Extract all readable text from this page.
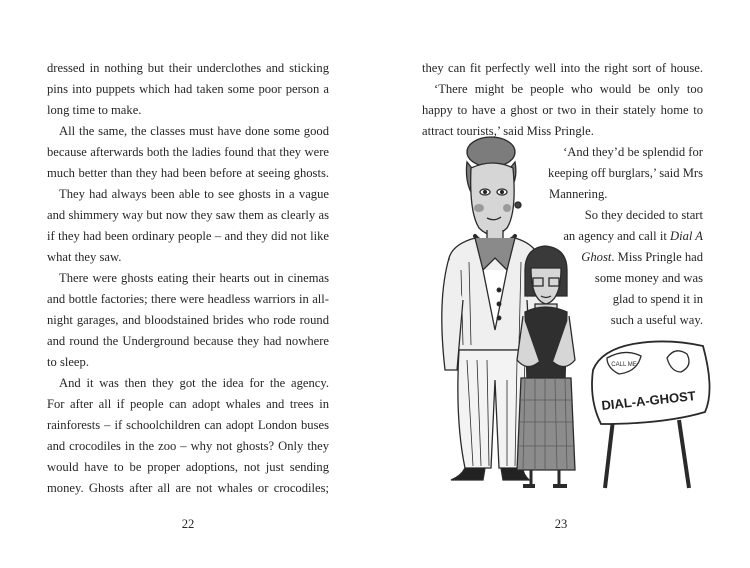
dressed in nothing but their underclothes and sticking
pins into puppets which had taken some poor person a
long time to make.
All the same, the classes must have done some good
because afterwards both the ladies found that they were
much better than they had been before at seeing ghosts.
They had always been able to see ghosts in a vague
and shimmery way but now they saw them as clearly as
if they had been ordinary people – and they did not like
what they saw.
There were ghosts eating their hearts out in cinemas
and bottle factories; there were headless warriors in all-
night garages, and bloodstained brides who rode round
and round the Underground because they had nowhere
to sleep.
And it was then they got the idea for the agency.
For after all if people can adopt whales and trees in
rainforests – if schoolchildren can adopt London buses
and crocodiles in the zoo – why not ghosts? Only they
would have to be proper adoptions, not just sending
money. Ghosts after all are not whales or crocodiles;
22
CALL ME
DIAL-A-GHOST
they can fit perfectly well into the right sort of house.
‘There might be people who would be only too
happy to have a ghost or two in their stately home to
attract tourists,’ said Miss Pringle.
‘And they’d be splendid for
keeping off burglars,’ said Mrs
Mannering.
So they decided to start
an agency and call it Dial A
Ghost. Miss Pringle had
some money and was
glad to spend it in
such a useful way.
23
